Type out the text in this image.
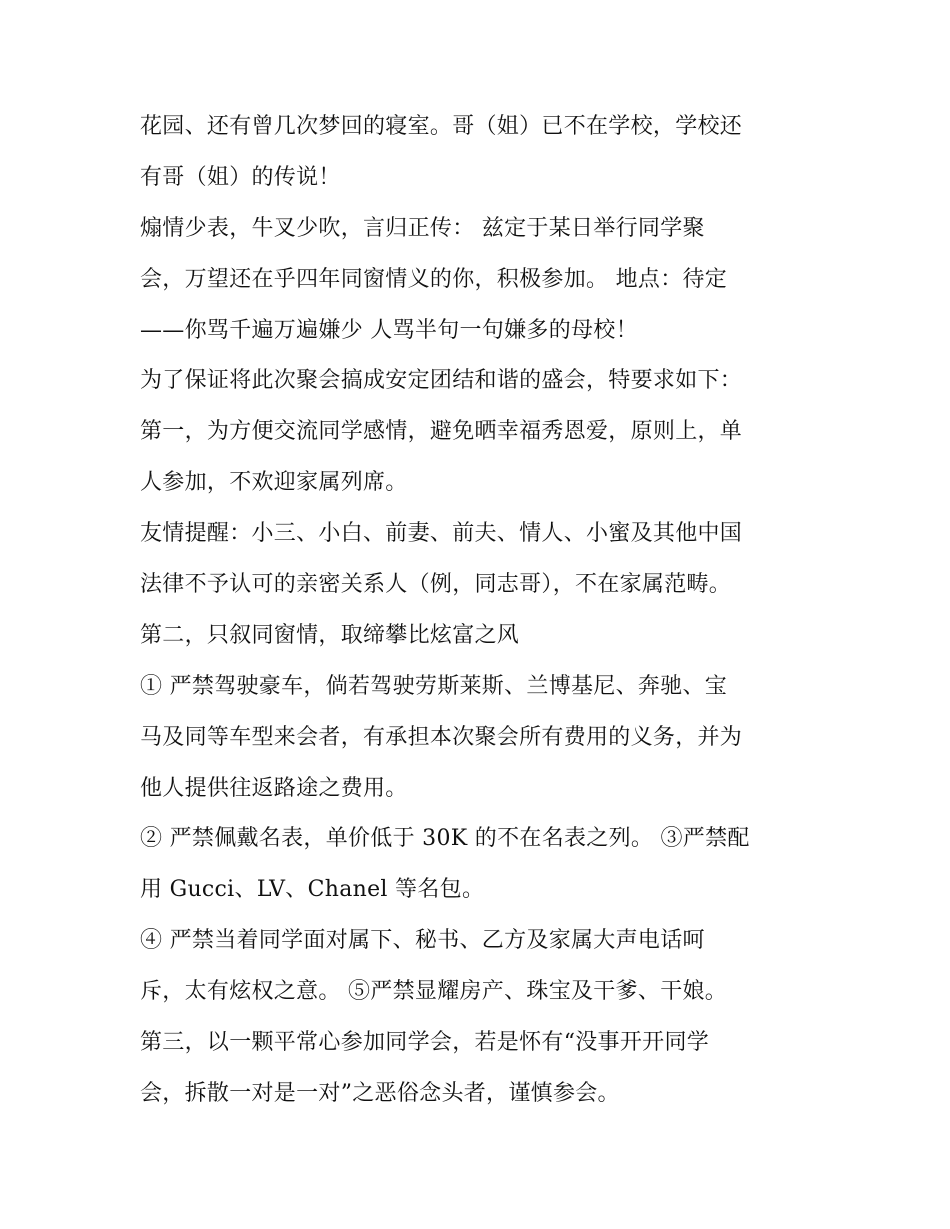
花园、还有曾几次梦回的寝室。哥（姐）已不在学校，学校还
有哥（姐）的传说！
煽情少表，牛叉少吹，言归正传： 兹定于某日举行同学聚
会，万望还在乎四年同窗情义的你，积极参加。 地点：待定
——你骂千遍万遍嫌少 人骂半句一句嫌多的母校！
为了保证将此次聚会搞成安定团结和谐的盛会，特要求如下：
第一，为方便交流同学感情，避免晒幸福秀恩爱，原则上，单
人参加，不欢迎家属列席。
友情提醒：小三、小白、前妻、前夫、情人、小蜜及其他中国
法律不予认可的亲密关系人（例，同志哥），不在家属范畴。
第二，只叙同窗情，取缔攀比炫富之风
① 严禁驾驶豪车，倘若驾驶劳斯莱斯、兰博基尼、奔驰、宝
马及同等车型来会者，有承担本次聚会所有费用的义务，并为
他人提供往返路途之费用。
② 严禁佩戴名表，单价低于 30K 的不在名表之列。 ③严禁配
用 Gucci、LV、Chanel 等名包。
④ 严禁当着同学面对属下、秘书、乙方及家属大声电话呵
斥，太有炫权之意。 ⑤严禁显耀房产、珠宝及干爹、干娘。
第三，以一颗平常心参加同学会，若是怀有“没事开开同学
会，拆散一对是一对”之恶俗念头者，谨慎参会。
